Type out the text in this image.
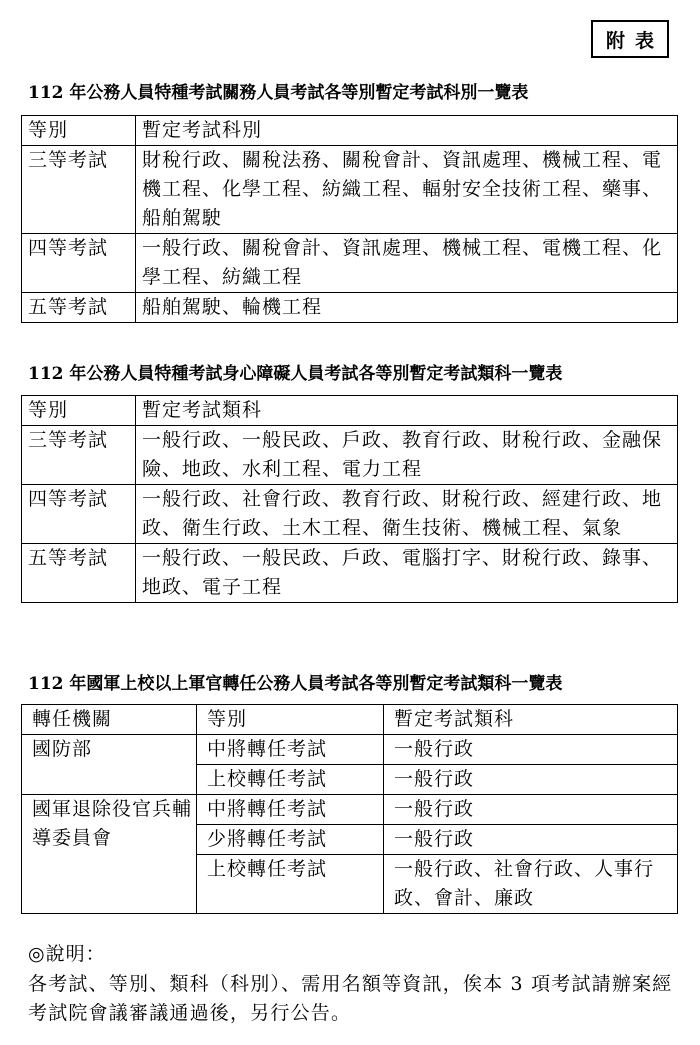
附表
112 年公務人員特種考試關務人員考試各等別暫定考試科別一覽表
等別	暫定考試科別
三等考試	財稅行政、關稅法務、關稅會計、資訊處理、機械工程、電機工程、化學工程、紡織工程、輻射安全技術工程、藥事、船舶駕駛
四等考試	一般行政、關稅會計、資訊處理、機械工程、電機工程、化學工程、紡織工程
五等考試	船舶駕駛、輪機工程
112 年公務人員特種考試身心障礙人員考試各等別暫定考試類科一覽表
等別	暫定考試類科
三等考試	一般行政、一般民政、戶政、教育行政、財稅行政、金融保險、地政、水利工程、電力工程
四等考試	一般行政、社會行政、教育行政、財稅行政、經建行政、地政、衛生行政、土木工程、衛生技術、機械工程、氣象
五等考試	一般行政、一般民政、戶政、電腦打字、財稅行政、錄事、地政、電子工程
112 年國軍上校以上軍官轉任公務人員考試各等別暫定考試類科一覽表
轉任機關	等別	暫定考試類科
國防部	中將轉任考試	一般行政
	上校轉任考試	一般行政
國軍退除役官兵輔導委員會	中將轉任考試	一般行政
	少將轉任考試	一般行政
	上校轉任考試	一般行政、社會行政、人事行政、會計、廉政
◎說明：
各考試、等別、類科（科別）、需用名額等資訊，俟本 3 項考試請辦案經考試院會議審議通過後，另行公告。
